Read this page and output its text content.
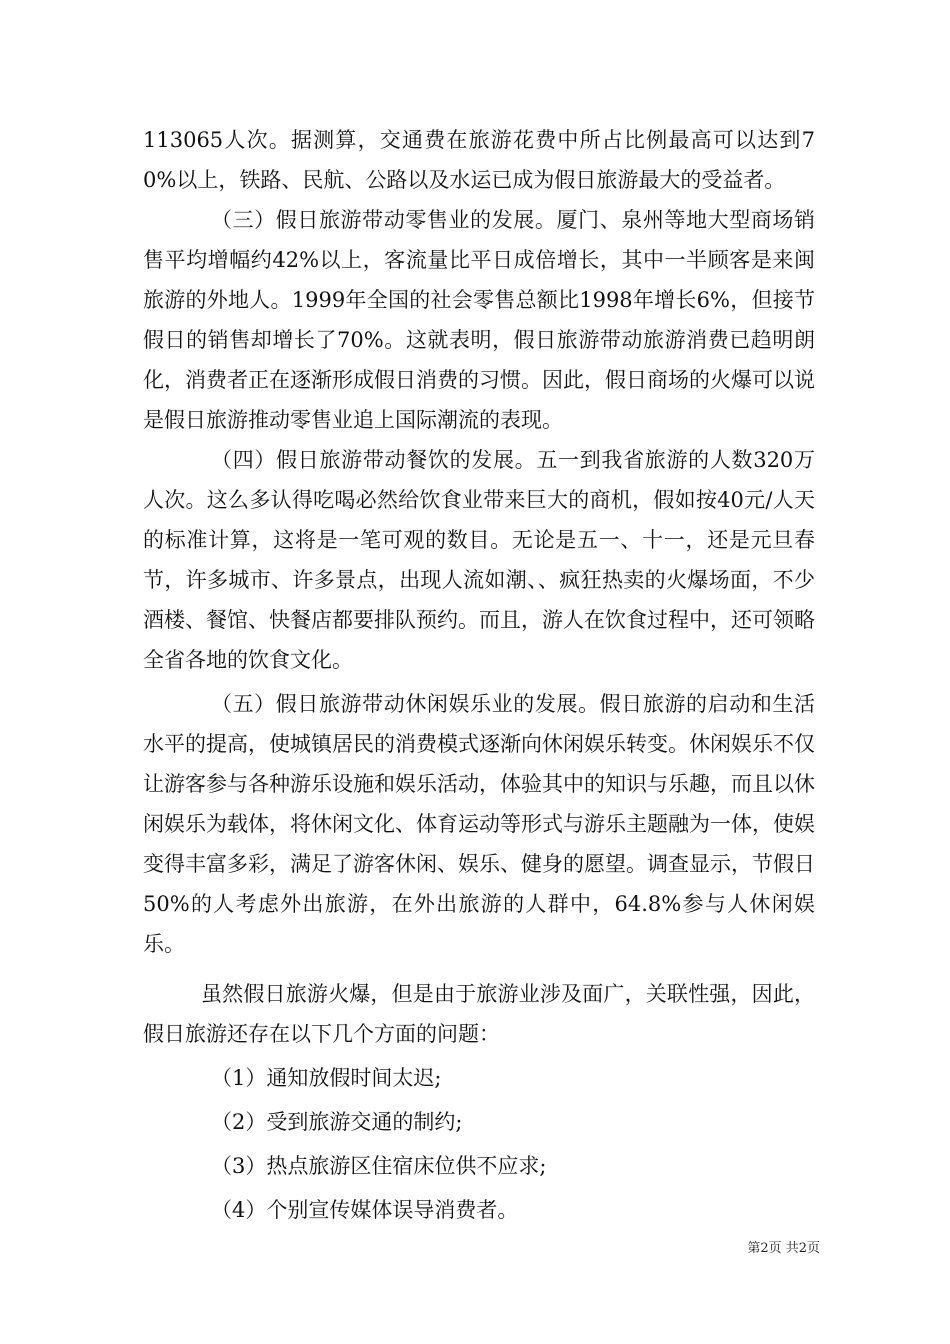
113065人次。据测算，交通费在旅游花费中所占比例最高可以达到70%以上，铁路、民航、公路以及水运已成为假日旅游最大的受益者。

（三）假日旅游带动零售业的发展。厦门、泉州等地大型商场销售平均增幅约42%以上，客流量比平日成倍增长，其中一半顾客是来闽旅游的外地人。1999年全国的社会零售总额比1998年增长6%，但接节假日的销售却增长了70%。这就表明，假日旅游带动旅游消费已趋明朗化，消费者正在逐渐形成假日消费的习惯。因此，假日商场的火爆可以说是假日旅游推动零售业追上国际潮流的表现。

（四）假日旅游带动餐饮的发展。五一到我省旅游的人数320万人次。这么多认得吃喝必然给饮食业带来巨大的商机，假如按40元/人天的标准计算，这将是一笔可观的数目。无论是五一、十一，还是元旦春节，许多城市、许多景点，出现人流如潮、、疯狂热卖的火爆场面，不少酒楼、餐馆、快餐店都要排队预约。而且，游人在饮食过程中，还可领略全省各地的饮食文化。

（五）假日旅游带动休闲娱乐业的发展。假日旅游的启动和生活水平的提高，使城镇居民的消费模式逐渐向休闲娱乐转变。休闲娱乐不仅让游客参与各种游乐设施和娱乐活动，体验其中的知识与乐趣，而且以休闲娱乐为载体，将休闲文化、体育运动等形式与游乐主题融为一体，使娱变得丰富多彩，满足了游客休闲、娱乐、健身的愿望。调查显示，节假日50%的人考虑外出旅游，在外出旅游的人群中，64.8%参与人休闲娱乐。

虽然假日旅游火爆，但是由于旅游业涉及面广，关联性强，因此，假日旅游还存在以下几个方面的问题：

（1）通知放假时间太迟;

（2）受到旅游交通的制约;

（3）热点旅游区住宿床位供不应求;

（4）个别宣传媒体误导消费者。

第2页 共2页
